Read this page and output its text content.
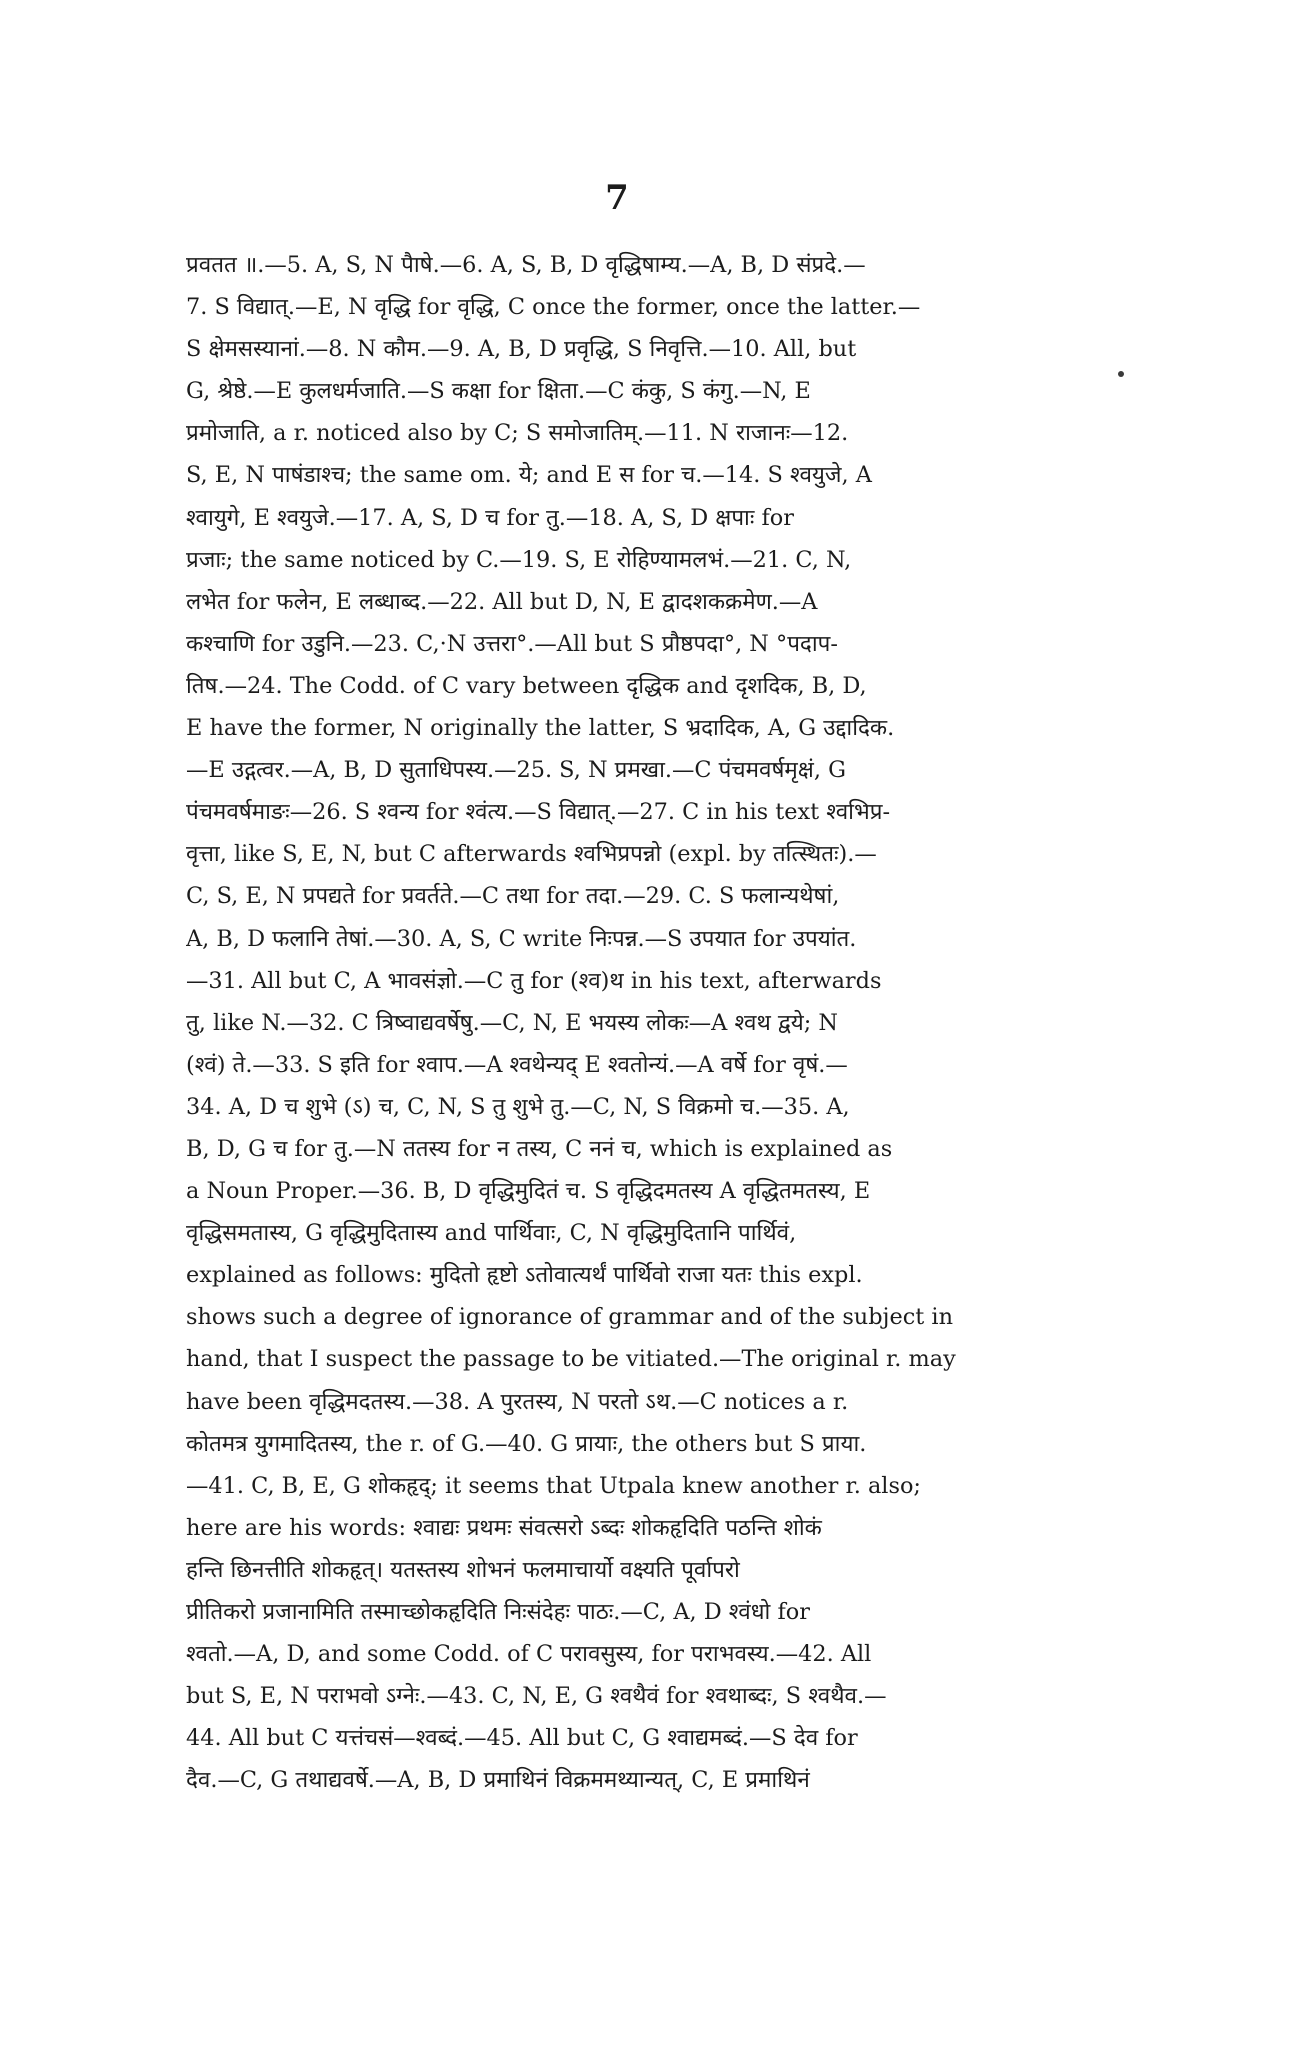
7
प्रवतत ॥.—5. A, S, N पैाषे.—6. A, S, B, D वृद्धिषाम्य.—A, B, D संप्रदे.—
7. S विद्यात्.—E, N वृद्धि for वृद्धि, C once the former, once the latter.—
S क्षेमसस्यानां.—8. N कौम.—9. A, B, D प्रवृद्धि, S निवृत्ति.—10. All, but
G, श्रेष्ठे.—E कुलधर्मजाति.—S कक्षा for क्षिता.—C कंकु, S कंगु.—N, E
प्रमोजाति, a r. noticed also by C; S समोजातिम्.—11. N राजानः—12.
S, E, N पाषंडाश्च; the same om. ये; and E स for च.—14. S श्वयुजे, A
श्वायुगे, E श्वयुजे.—17. A, S, D च for तु.—18. A, S, D क्षपाः for
प्रजाः; the same noticed by C.—19. S, E रोहिण्यामलभं.—21. C, N,
लभेत for फलेन, E लब्धाब्द.—22. All but D, N, E द्वादशकक्रमेण.—A
कश्चाणि for उडुनि.—23. C,·N उत्तरा°.—All but S प्रौष्ठपदा°, N °पदाप-
तिष.—24. The Codd. of C vary between दृद्धिक and दृशदिक, B, D,
E have the former, N originally the latter, S भ्रदादिक, A, G उद्दादिक.
—E उद्गत्वर.—A, B, D सुताधिपस्य.—25. S, N प्रमखा.—C पंचमवर्षमृक्षं, G
पंचमवर्षमाङः—26. S श्वन्य for श्वंत्य.—S विद्यात्.—27. C in his text श्वभिप्र-
वृत्ता, like S, E, N, but C afterwards श्वभिप्रपन्नो (expl. by तत्स्थितः).—
C, S, E, N प्रपद्यते for प्रवर्तते.—C तथा for तदा.—29. C. S फलान्यथेषां,
A, B, D फलानि तेषां.—30. A, S, C write निःपन्न.—S उपयात for उपयांत.
—31. All but C, A भावसंज्ञो.—C तु for (श्व)थ in his text, afterwards
तु, like N.—32. C त्रिष्वाद्यवर्षेषु.—C, N, E भयस्य लोकः—A श्वथ द्वये; N
(श्वं) ते.—33. S इति for श्वाप.—A श्वथेन्यद् E श्वतोन्यं.—A वर्षे for वृषं.—
34. A, D च शुभे (ऽ) च, C, N, S तु शुभे तु.—C, N, S विक्रमो च.—35. A,
B, D, G च for तु.—N ततस्य for न तस्य, C ननं च, which is explained as
a Noun Proper.—36. B, D वृद्धिमुदितं च. S वृद्धिदमतस्य A वृद्धितमतस्य, E
वृद्धिसमतास्य, G वृद्धिमुदितास्य and पार्थिवाः, C, N वृद्धिमुदितानि पार्थिवं,
explained as follows: मुदितो हृष्टो ऽतोवात्यर्थं पार्थिवो राजा यतः this expl.
shows such a degree of ignorance of grammar and of the subject in
hand, that I suspect the passage to be vitiated.—The original r. may
have been वृद्धिमदतस्य.—38. A पुरतस्य, N परतो ऽथ.—C notices a r.
कोतमत्र युगमादितस्य, the r. of G.—40. G प्रायाः, the others but S प्राया.
—41. C, B, E, G शोकहृद्; it seems that Utpala knew another r. also;
here are his words: श्वाद्यः प्रथमः संवत्सरो ऽब्दः शोकहृदिति पठन्ति शोकं
हन्ति छिनत्तीति शोकहृत्। यतस्तस्य शोभनं फलमाचार्यो वक्ष्यति पूर्वापरो
प्रीतिकरो प्रजानामिति तस्माच्छोकहृदिति निःसंदेहः पाठः.—C, A, D श्वंधो for
श्वतो.—A, D, and some Codd. of C परावसुस्य, for पराभवस्य.—42. All
but S, E, N पराभवो ऽग्नेः.—43. C, N, E, G श्वथैवं for श्वथाब्दः, S श्वथैव.—
44. All but C यत्तंचसं—श्वब्दं.—45. All but C, G श्वाद्यमब्दं.—S देव for
दैव.—C, G तथाद्यवर्षे.—A, B, D प्रमाथिनं विक्रममथ्यान्यत्, C, E प्रमाथिनं
